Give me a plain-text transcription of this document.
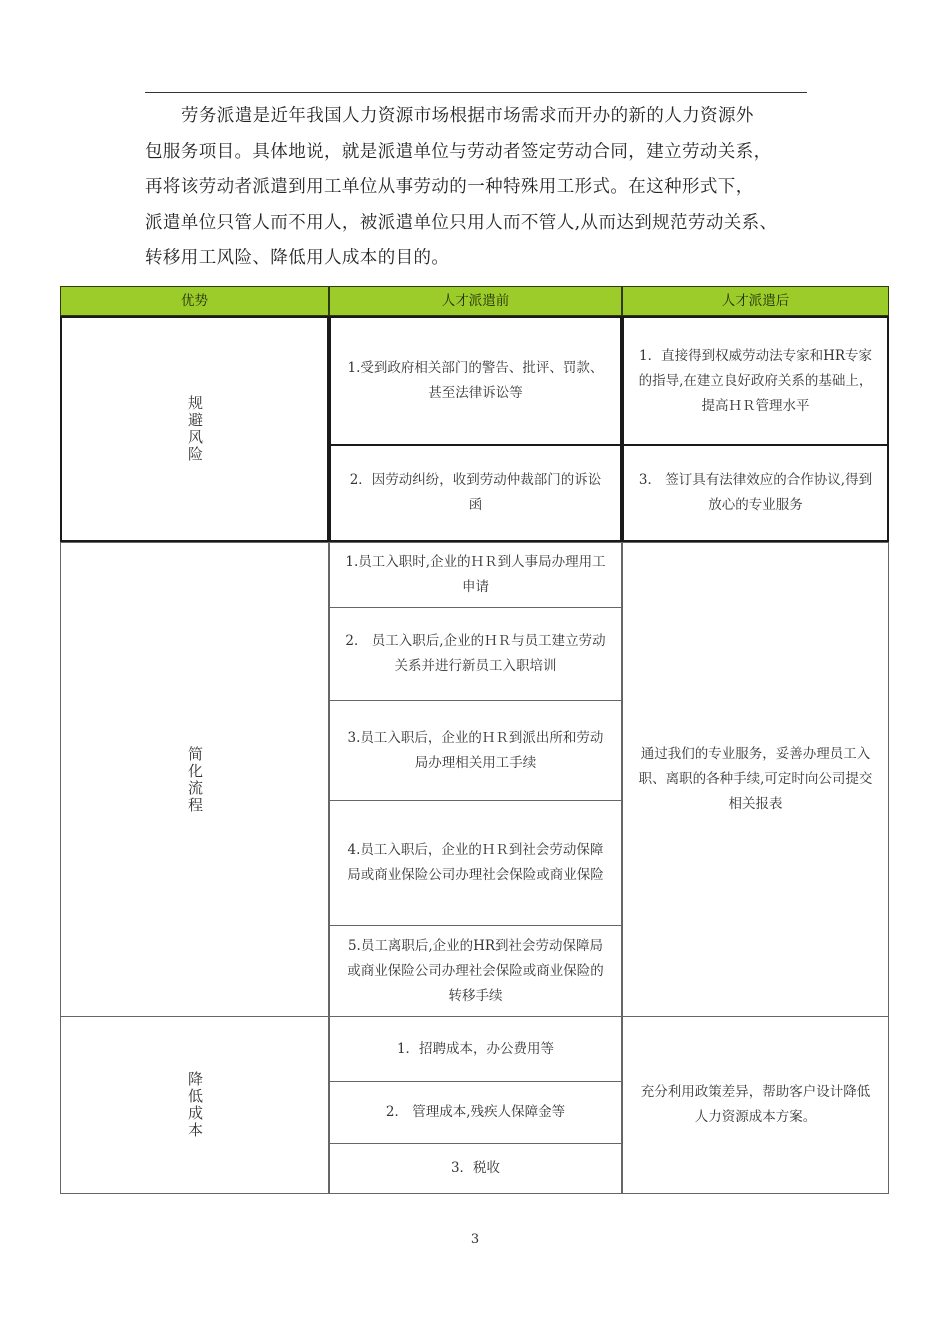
劳务派遣是近年我国人力资源市场根据市场需求而开办的新的人力资源外

包服务项目。具体地说，就是派遣单位与劳动者签定劳动合同，建立劳动关系，

再将该劳动者派遣到用工单位从事劳动的一种特殊用工形式。在这种形式下，

派遣单位只管人而不用人，被派遣单位只用人而不管人,从而达到规范劳动关系、

转移用工风险、降低用人成本的目的。

优势	人才派遣前	人才派遣后
规避风险
1.受到政府相关部门的警告、批评、罚款、甚至法律诉讼等
1．直接得到权威劳动法专家和HR专家的指导,在建立良好政府关系的基础上，提高ＨＲ管理水平
2．因劳动纠纷，收到劳动仲裁部门的诉讼函
3． 签订具有法律效应的合作协议,得到放心的专业服务
简化流程
1.员工入职时,企业的ＨＲ到人事局办理用工申请
2． 员工入职后,企业的ＨＲ与员工建立劳动关系并进行新员工入职培训
3.员工入职后，企业的ＨＲ到派出所和劳动局办理相关用工手续
4.员工入职后，企业的ＨＲ到社会劳动保障局或商业保险公司办理社会保险或商业保险
5.员工离职后,企业的HR到社会劳动保障局或商业保险公司办理社会保险或商业保险的转移手续
通过我们的专业服务，妥善办理员工入职、离职的各种手续,可定时向公司提交相关报表
降低成本
1．招聘成本，办公费用等
2． 管理成本,残疾人保障金等
3．税收
充分利用政策差异，帮助客户设计降低人力资源成本方案。
3
